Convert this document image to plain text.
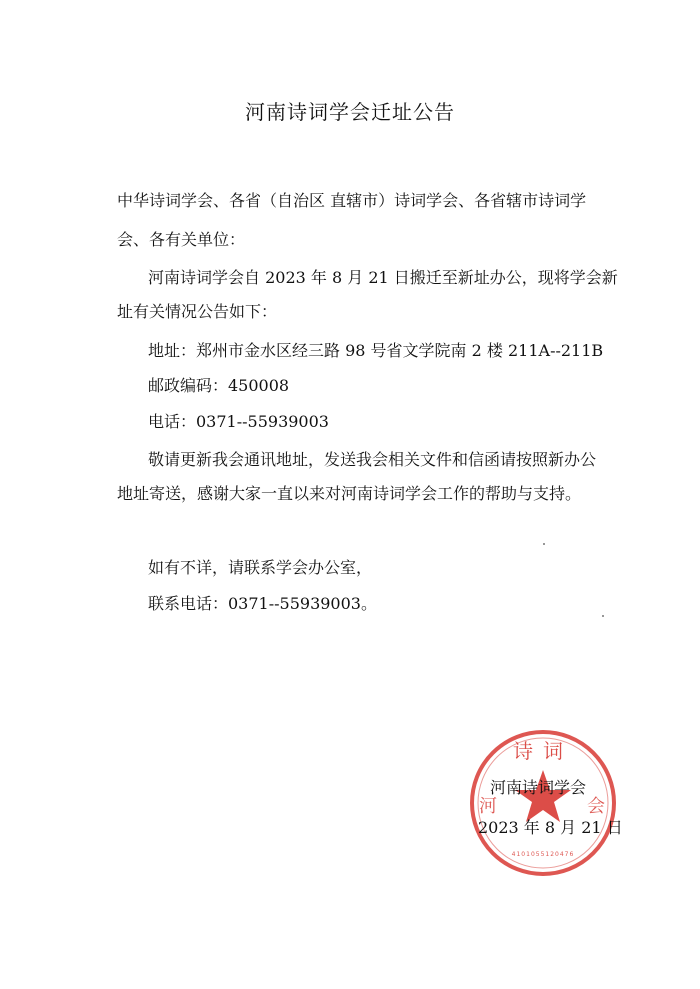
河南诗词学会迁址公告
中华诗词学会、各省（自治区 直辖市）诗词学会、各省辖市诗词学
会、各有关单位：
河南诗词学会自 2023 年 8 月 21 日搬迁至新址办公，现将学会新
址有关情况公告如下：
地址：郑州市金水区经三路 98 号省文学院南 2 楼 211A--211B
邮政编码：450008
电话：0371--55939003
敬请更新我会通讯地址，发送我会相关文件和信函请按照新办公
地址寄送，感谢大家一直以来对河南诗词学会工作的帮助与支持。
如有不详，请联系学会办公室，
联系电话：0371--55939003。
诗词
河	会
4101055120476
河南诗词学会
2023 年 8 月 21 日
